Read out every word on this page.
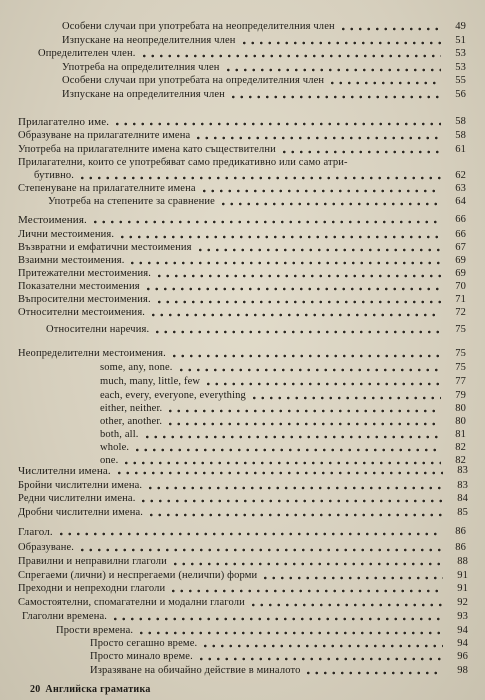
Особени случаи при употребата на неопределителния член	49
Изпускане на неопределителния член	51
Определителен член.	53
Употреба на определителния член	53
Особени случаи при употребата на определителния член	55
Изпускане на определителния член	56
Прилагателно име.	58
Образуване на прилагателните имена	58
Употреба на прилагателните имена като съществителни	61
Прилагателни, които се употребяват само предикативно или само атри-
бутивно.	62
Степенуване на прилагателните имена	63
Употреба на степените за сравнение	64
Местоимения.	66
Лични местоимения.	66
Възвратни и емфатични местоимения	67
Взаимни местоимения.	69
Притежателни местоимения.	69
Показателни местоимения	70
Въпросителни местоимения.	71
Относителни местоимения.	72
Относителни наречия.	75
Неопределителни местоимения.	75
some, any, none.	75
much, many, little, few	77
each, every, everyone, everything	79
either, neither.	80
other, another.	80
both, all.	81
whole.	82
one.	82
Числителни имена.	83
Бройни числителни имена.	83
Редни числителни имена.	84
Дробни числителни имена.	85
Глагол.	86
Образуване.	86
Правилни и неправилни глаголи	88
Спрегаеми (лични) и неспрегаеми (неличпи) форми	91
Преходни и непреходни глаголи	91
Самостоятелни, спомагателни и модални глаголи	92
Глаголни времена.	93
Прости времена.	94
Просто сегашно време.	94
Просто минало време.	96
Изразяване на обичайно действие в миналото	98
20 Английска граматика
